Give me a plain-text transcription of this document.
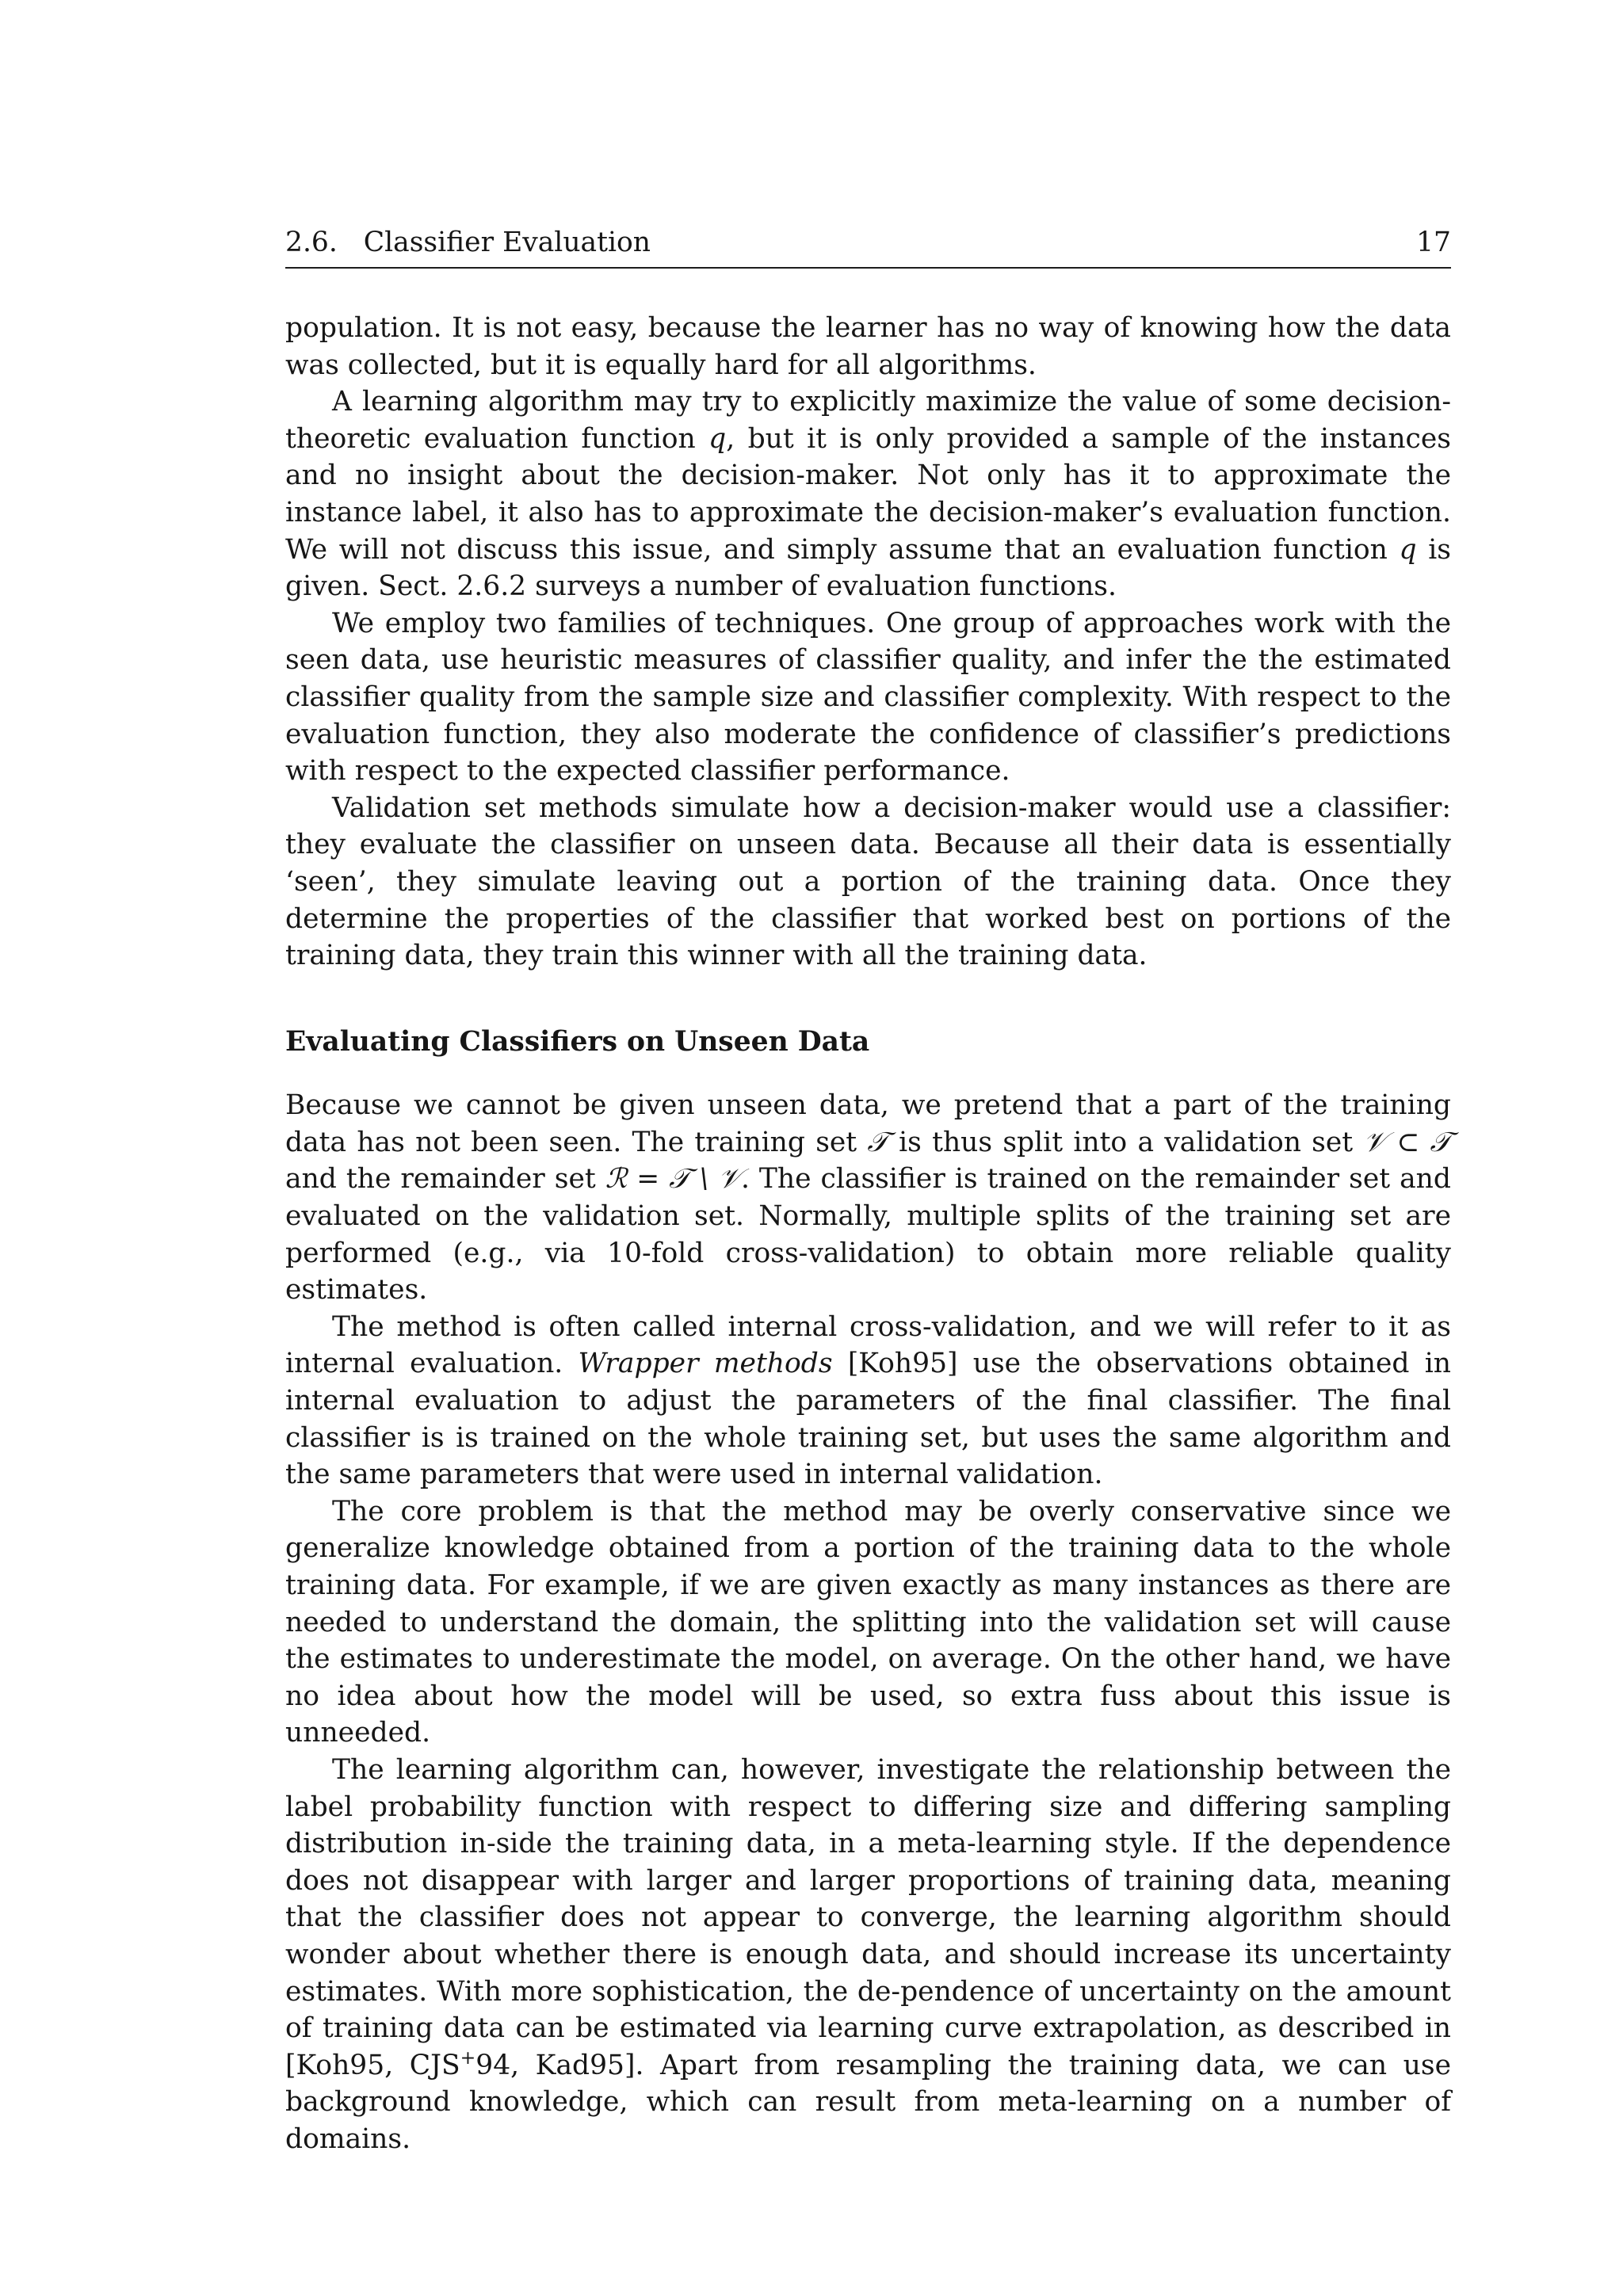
2.6.   Classifier Evaluation	17

population. It is not easy, because the learner has no way of knowing how the data was collected, but it is equally hard for all algorithms.

A learning algorithm may try to explicitly maximize the value of some decision-theoretic evaluation function q, but it is only provided a sample of the instances and no insight about the decision-maker. Not only has it to approximate the instance label, it also has to approximate the decision-maker’s evaluation function. We will not discuss this issue, and simply assume that an evaluation function q is given. Sect. 2.6.2 surveys a number of evaluation functions.

We employ two families of techniques. One group of approaches work with the seen data, use heuristic measures of classifier quality, and infer the the estimated classifier quality from the sample size and classifier complexity. With respect to the evaluation function, they also moderate the confidence of classifier’s predictions with respect to the expected classifier performance.

Validation set methods simulate how a decision-maker would use a classifier: they evaluate the classifier on unseen data. Because all their data is essentially ‘seen’, they simulate leaving out a portion of the training data. Once they determine the properties of the classifier that worked best on portions of the training data, they train this winner with all the training data.

Evaluating Classifiers on Unseen Data

Because we cannot be given unseen data, we pretend that a part of the training data has not been seen. The training set 𝒯 is thus split into a validation set 𝒱 ⊂ 𝒯 and the remainder set ℛ = 𝒯 \ 𝒱. The classifier is trained on the remainder set and evaluated on the validation set. Normally, multiple splits of the training set are performed (e.g., via 10-fold cross-validation) to obtain more reliable quality estimates.

The method is often called internal cross-validation, and we will refer to it as internal evaluation. Wrapper methods [Koh95] use the observations obtained in internal evaluation to adjust the parameters of the final classifier. The final classifier is is trained on the whole training set, but uses the same algorithm and the same parameters that were used in internal validation.

The core problem is that the method may be overly conservative since we generalize knowledge obtained from a portion of the training data to the whole training data. For example, if we are given exactly as many instances as there are needed to understand the domain, the splitting into the validation set will cause the estimates to underestimate the model, on average. On the other hand, we have no idea about how the model will be used, so extra fuss about this issue is unneeded.

The learning algorithm can, however, investigate the relationship between the label probability function with respect to differing size and differing sampling distribution in-side the training data, in a meta-learning style. If the dependence does not disappear with larger and larger proportions of training data, meaning that the classifier does not appear to converge, the learning algorithm should wonder about whether there is enough data, and should increase its uncertainty estimates. With more sophistication, the de-pendence of uncertainty on the amount of training data can be estimated via learning curve extrapolation, as described in [Koh95, CJS+94, Kad95]. Apart from resampling the training data, we can use background knowledge, which can result from meta-learning on a number of domains.
